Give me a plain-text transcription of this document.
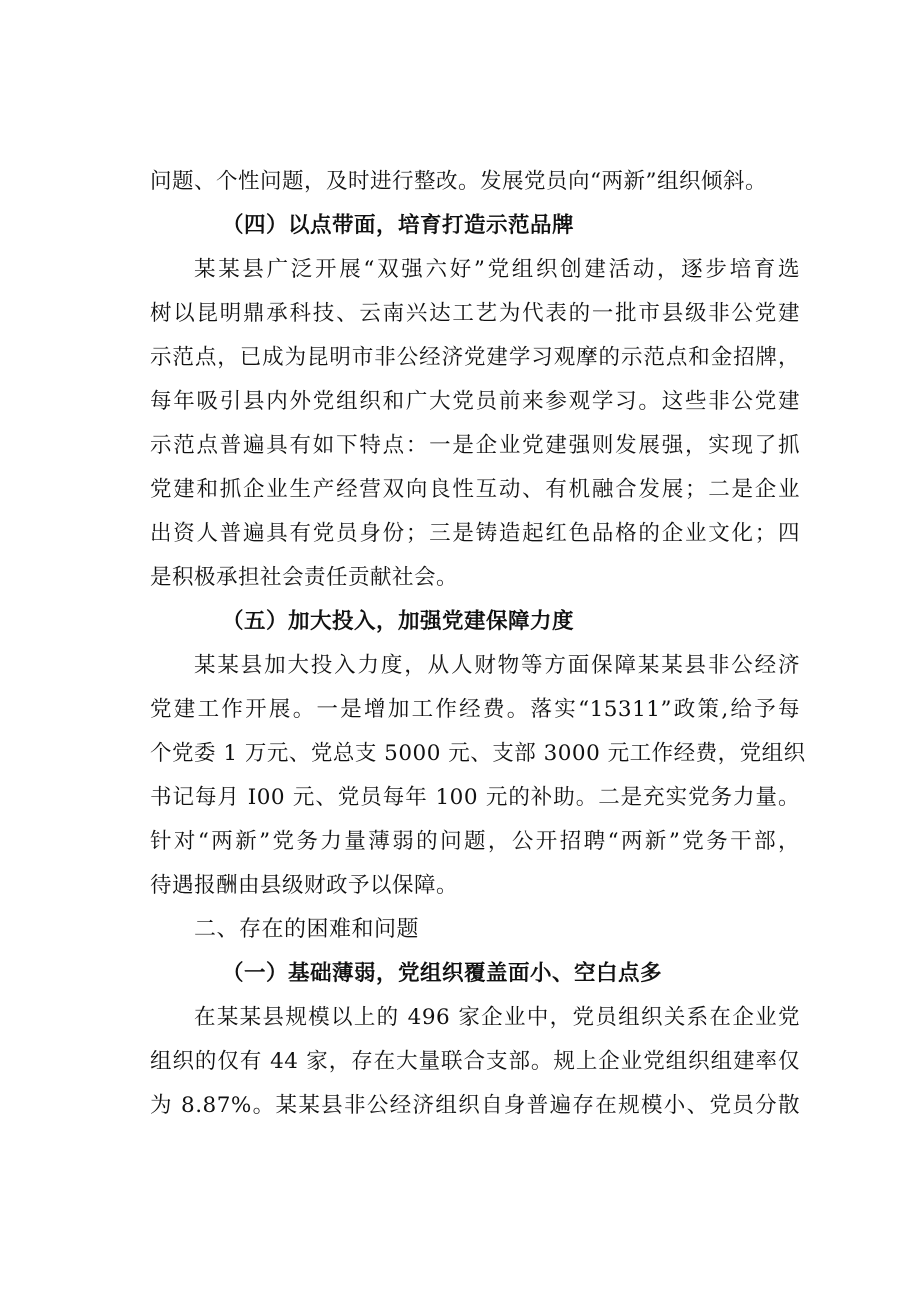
问题、个性问题，及时进行整改。发展党员向“两新”组织倾斜。
（四）以点带面，培育打造示范品牌
某某县广泛开展“双强六好”党组织创建活动，逐步培育选
树以昆明鼎承科技、云南兴达工艺为代表的一批市县级非公党建
示范点，已成为昆明市非公经济党建学习观摩的示范点和金招牌，
每年吸引县内外党组织和广大党员前来参观学习。这些非公党建
示范点普遍具有如下特点：一是企业党建强则发展强，实现了抓
党建和抓企业生产经营双向良性互动、有机融合发展；二是企业
出资人普遍具有党员身份；三是铸造起红色品格的企业文化；四
是积极承担社会责任贡献社会。
（五）加大投入，加强党建保障力度
某某县加大投入力度，从人财物等方面保障某某县非公经济
党建工作开展。一是增加工作经费。落实“15311”政策,给予每
个党委 1 万元、党总支 5000 元、支部 3000 元工作经费，党组织
书记每月 I00 元、党员每年 100 元的补助。二是充实党务力量。
针对“两新”党务力量薄弱的问题，公开招聘“两新”党务干部，
待遇报酬由县级财政予以保障。
二、存在的困难和问题
（一）基础薄弱，党组织覆盖面小、空白点多
在某某县规模以上的 496 家企业中，党员组织关系在企业党
组织的仅有 44 家，存在大量联合支部。规上企业党组织组建率仅
为 8.87%。某某县非公经济组织自身普遍存在规模小、党员分散
